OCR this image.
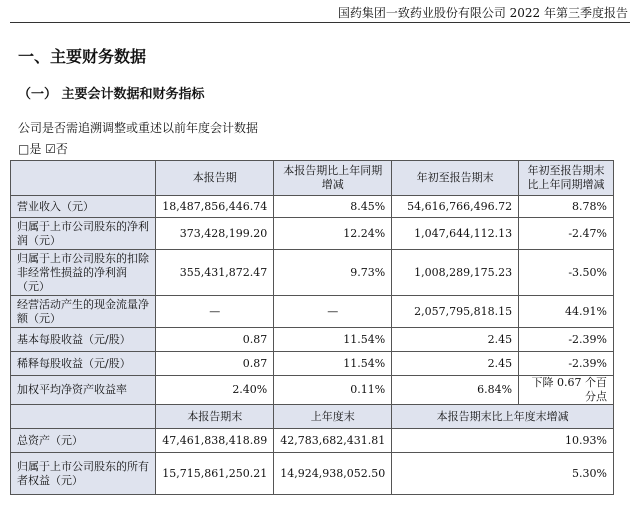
国药集团一致药业股份有限公司 2022 年第三季度报告
一、主要财务数据
（一） 主要会计数据和财务指标
公司是否需追溯调整或重述以前年度会计数据
□是 ☑否
	本报告期	本报告期比上年同期增减	年初至报告期末	年初至报告期末比上年同期增减
营业收入（元）	18,487,856,446.74	8.45%	54,616,766,496.72	8.78%
归属于上市公司股东的净利润（元）	373,428,199.20	12.24%	1,047,644,112.13	-2.47%
归属于上市公司股东的扣除非经常性损益的净利润（元）	355,431,872.47	9.73%	1,008,289,175.23	-3.50%
经营活动产生的现金流量净额（元）	—	—	2,057,795,818.15	44.91%
基本每股收益（元/股）	0.87	11.54%	2.45	-2.39%
稀释每股收益（元/股）	0.87	11.54%	2.45	-2.39%
加权平均净资产收益率	2.40%	0.11%	6.84%	下降 0.67 个百分点
	本报告期末	上年度末	本报告期末比上年度末增减	
总资产（元）	47,461,838,418.89	42,783,682,431.81	10.93%	
归属于上市公司股东的所有者权益（元）	15,715,861,250.21	14,924,938,052.50	5.30%	
